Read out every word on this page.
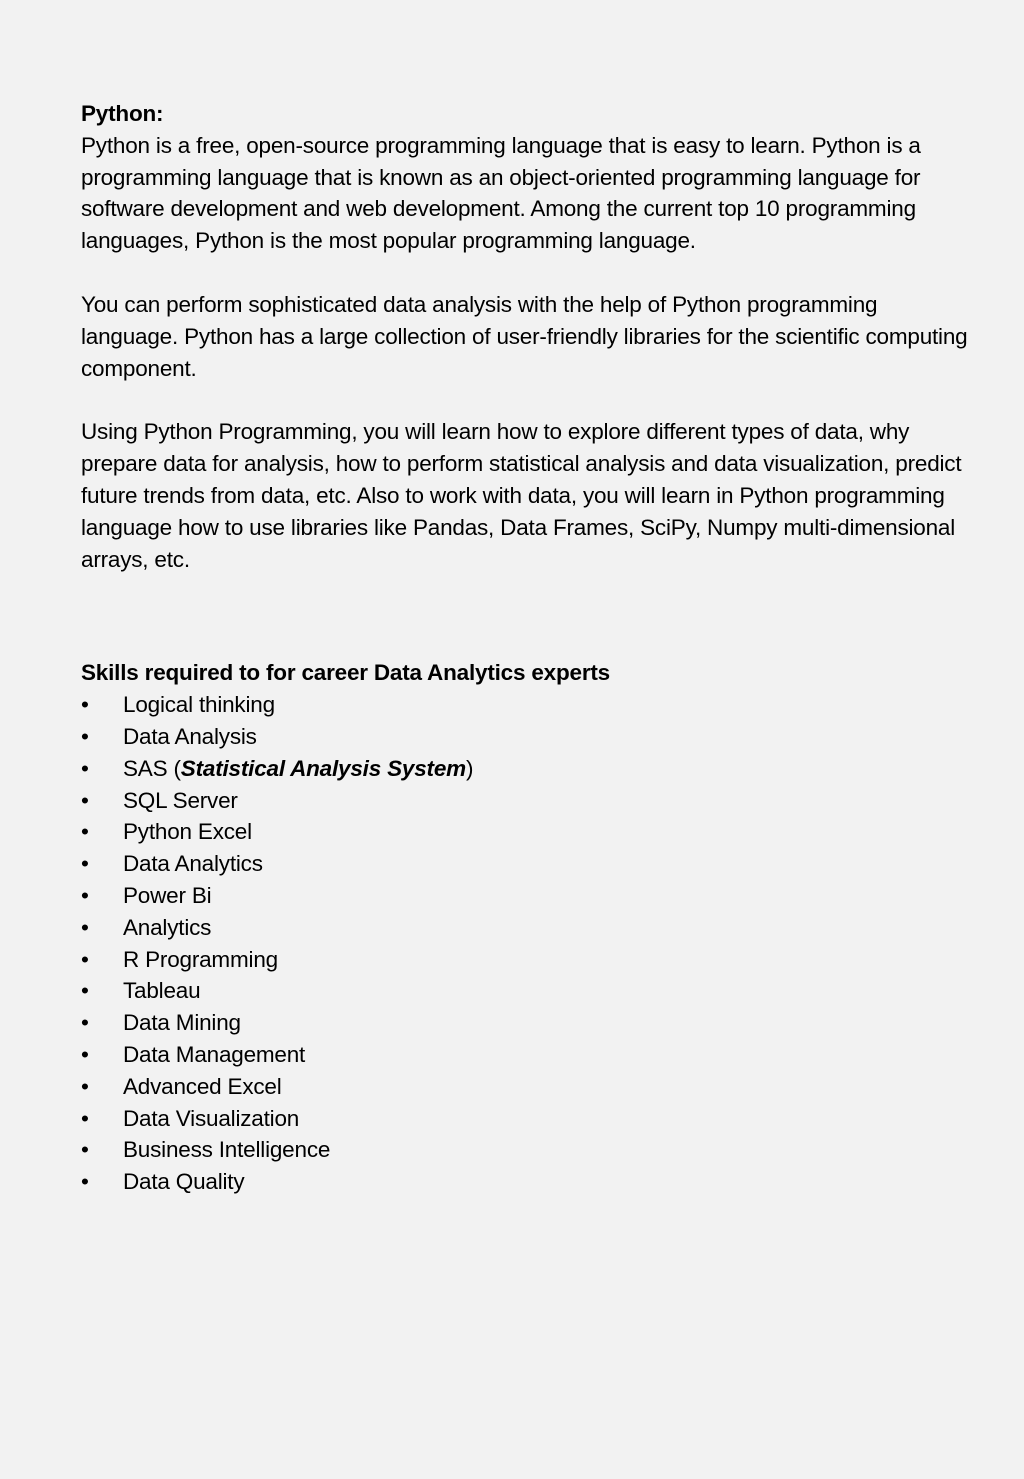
Python:

Python is a free, open-source programming language that is easy to learn. Python is a programming language that is known as an object-oriented programming language for software development and web development. Among the current top 10 programming languages, Python is the most popular programming language.

You can perform sophisticated data analysis with the help of Python programming language. Python has a large collection of user-friendly libraries for the scientific computing component.

Using Python Programming, you will learn how to explore different types of data, why prepare data for analysis, how to perform statistical analysis and data visualization, predict future trends from data, etc. Also to work with data, you will learn in Python programming language how to use libraries like Pandas, Data Frames, SciPy, Numpy multi-dimensional arrays, etc.

Skills required to for career Data Analytics experts
•	Logical thinking
•	Data Analysis
•	SAS (Statistical Analysis System)
•	SQL Server
•	Python Excel
•	Data Analytics
•	Power Bi
•	Analytics
•	R Programming
•	Tableau
•	Data Mining
•	Data Management
•	Advanced Excel
•	Data Visualization
•	Business Intelligence
•	Data Quality
